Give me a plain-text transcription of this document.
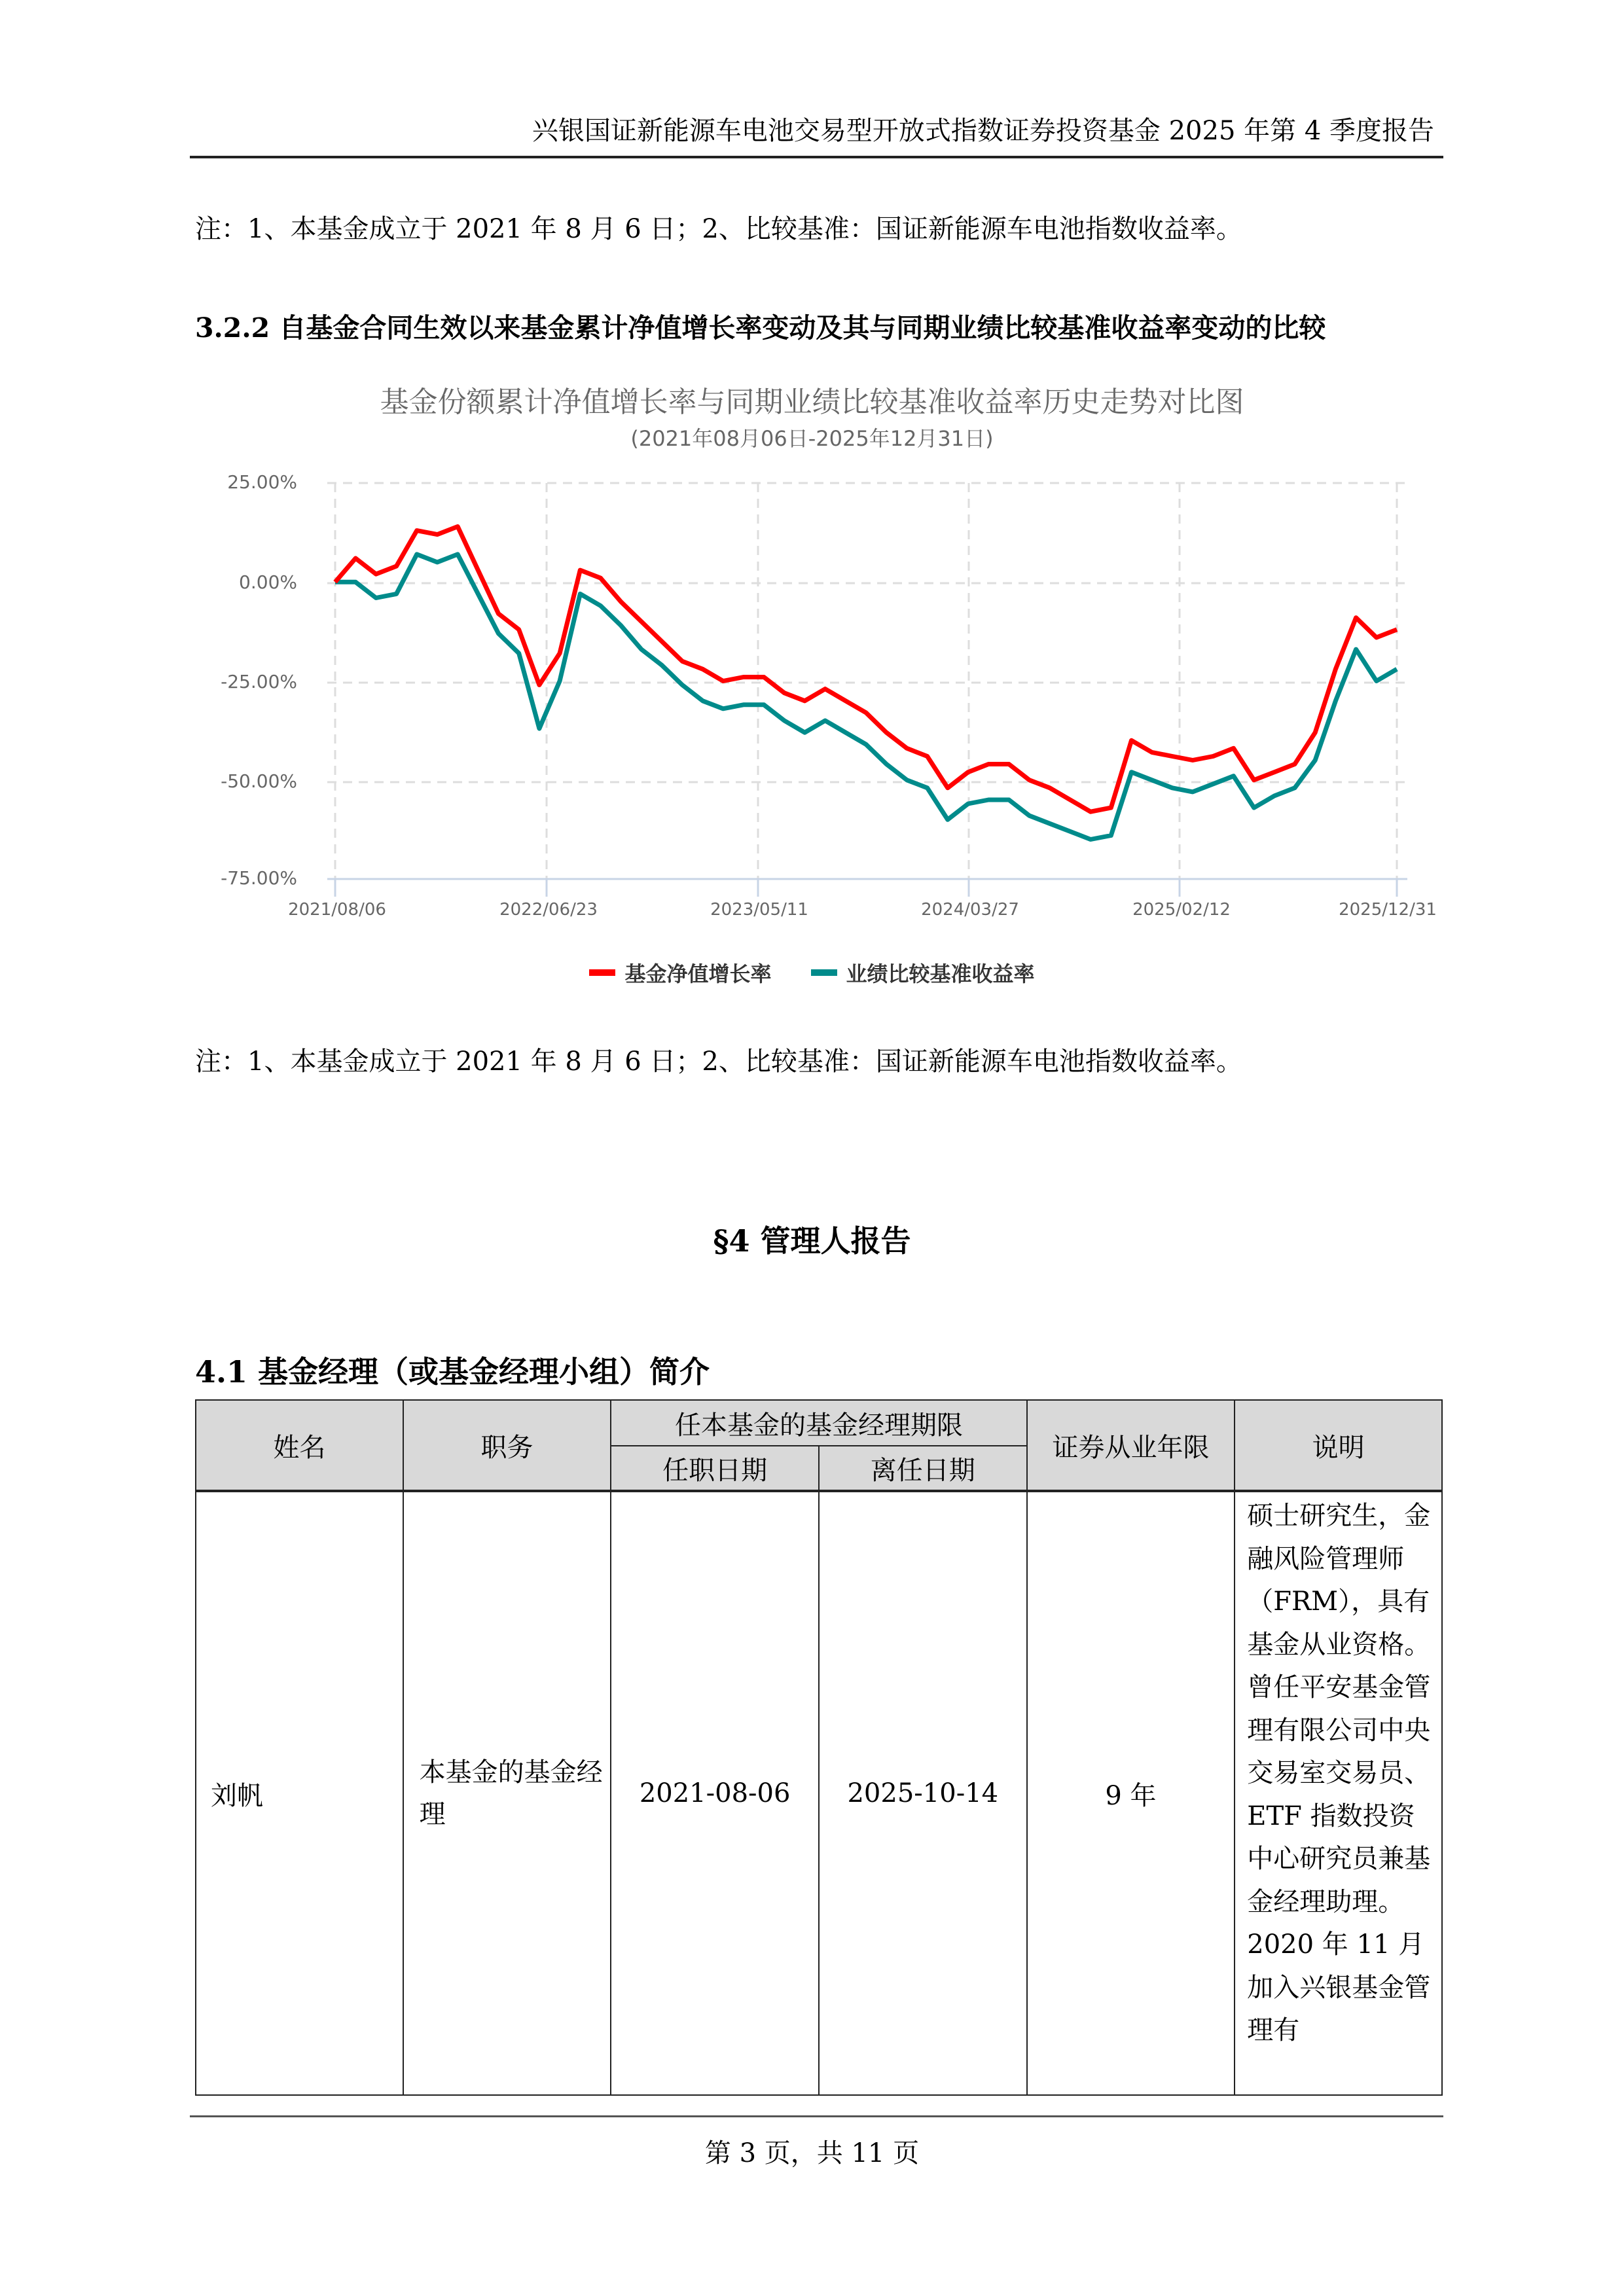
兴银国证新能源车电池交易型开放式指数证券投资基金 2025 年第 4 季度报告
注：1、本基金成立于 2021 年 8 月 6 日；2、比较基准：国证新能源车电池指数收益率。
3.2.2 自基金合同生效以来基金累计净值增长率变动及其与同期业绩比较基准收益率变动的比较
基金份额累计净值增长率与同期业绩比较基准收益率历史走势对比图
(2021年08月06日-2025年12月31日)
25.00%
0.00%
-25.00%
-50.00%
-75.00%
2021/08/06	2022/06/23	2023/05/11	2024/03/27	2025/02/12	2025/12/31
基金净值增长率	业绩比较基准收益率
注：1、本基金成立于 2021 年 8 月 6 日；2、比较基准：国证新能源车电池指数收益率。
§4 管理人报告
4.1 基金经理（或基金经理小组）简介
姓名	职务	任本基金的基金经理期限		证券从业年限	说明
		任职日期	离任日期		
刘帆	本基金的基金经理	2021-08-06	2025-10-14	9 年	硕士研究生，金融风险管理师（FRM），具有基金从业资格。曾任平安基金管理有限公司中央交易室交易员、ETF 指数投资中心研究员兼基金经理助理。2020 年 11 月加入兴银基金管理有
第 3 页，共 11 页
